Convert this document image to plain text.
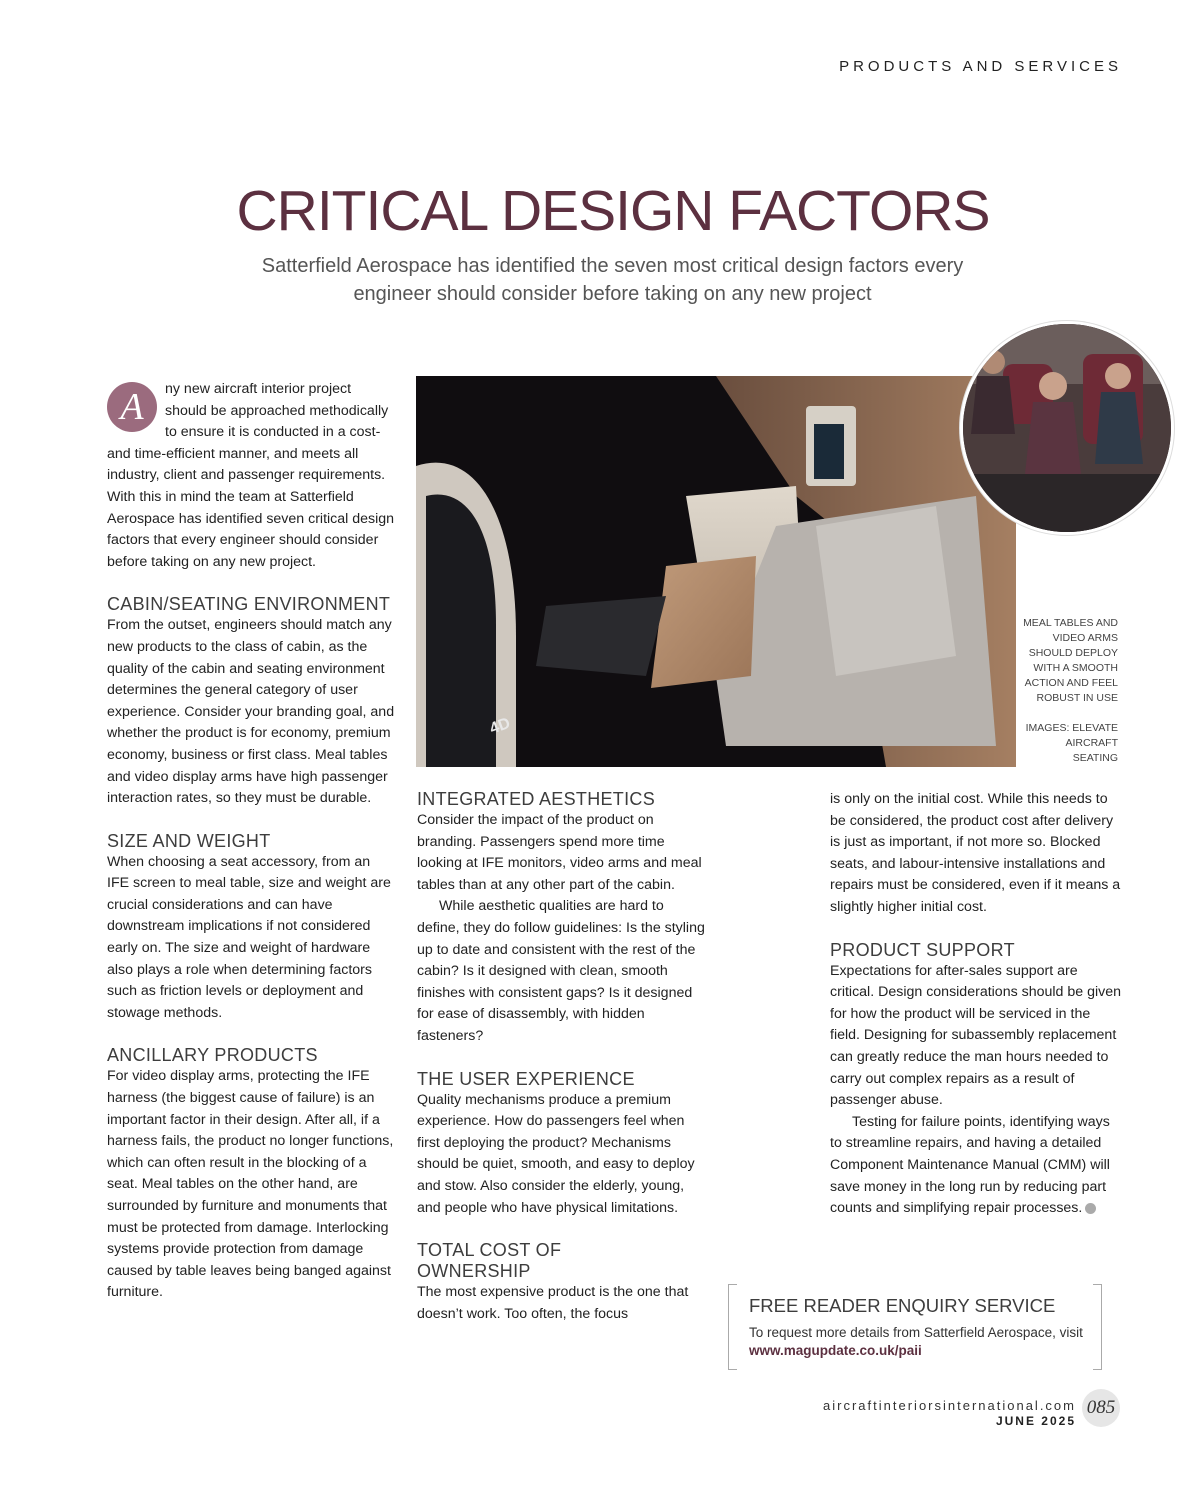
PRODUCTS AND SERVICES
CRITICAL DESIGN FACTORS
Satterfield Aerospace has identified the seven most critical design factors every engineer should consider before taking on any new project
A	ny new aircraft interior project should be approached methodically to ensure it is conducted in a cost- and time-efficient manner, and meets all industry, client and passenger requirements. With this in mind the team at Satterfield Aerospace has identified seven critical design factors that every engineer should consider before taking on any new project.

CABIN/SEATING ENVIRONMENT

From the outset, engineers should match any new products to the class of cabin, as the quality of the cabin and seating environment determines the general category of user experience. Consider your branding goal, and whether the product is for economy, premium economy, business or first class. Meal tables and video display arms have high passenger interaction rates, so they must be durable.

SIZE AND WEIGHT

When choosing a seat accessory, from an IFE screen to meal table, size and weight are crucial considerations and can have downstream implications if not considered early on. The size and weight of hardware also plays a role when determining factors such as friction levels or deployment and stowage methods.

ANCILLARY PRODUCTS

For video display arms, protecting the IFE harness (the biggest cause of failure) is an important factor in their design. After all, if a harness fails, the product no longer functions, which can often result in the blocking of a seat. Meal tables on the other hand, are surrounded by furniture and monuments that must be protected from damage. Interlocking systems provide protection from damage caused by table leaves being banged against furniture.

4D
MEAL TABLES AND VIDEO ARMS SHOULD DEPLOY WITH A SMOOTH ACTION AND FEEL ROBUST IN USE
IMAGES: ELEVATE AIRCRAFT SEATING
INTEGRATED AESTHETICS

Consider the impact of the product on branding. Passengers spend more time looking at IFE monitors, video arms and meal tables than at any other part of the cabin.

While aesthetic qualities are hard to define, they do follow guidelines: Is the styling up to date and consistent with the rest of the cabin? Is it designed with clean, smooth finishes with consistent gaps? Is it designed for ease of disassembly, with hidden fasteners?

THE USER EXPERIENCE

Quality mechanisms produce a premium experience. How do passengers feel when first deploying the product? Mechanisms should be quiet, smooth, and easy to deploy and stow. Also consider the elderly, young, and people who have physical limitations.

TOTAL COST OF OWNERSHIP

The most expensive product is the one that doesn’t work. Too often, the focus

is only on the initial cost. While this needs to be considered, the product cost after delivery is just as important, if not more so. Blocked seats, and labour-intensive installations and repairs must be considered, even if it means a slightly higher initial cost.

PRODUCT SUPPORT

Expectations for after-sales support are critical. Design considerations should be given for how the product will be serviced in the field. Designing for subassembly replacement can greatly reduce the man hours needed to carry out complex repairs as a result of passenger abuse.

Testing for failure points, identifying ways to streamline repairs, and having a detailed Component Maintenance Manual (CMM) will save money in the long run by reducing part counts and simplifying repair processes.	✕

FREE READER ENQUIRY SERVICE
To request more details from Satterfield Aerospace, visit www.magupdate.co.uk/paii
aircraftinteriorsinternational.com
JUNE 2025
085
